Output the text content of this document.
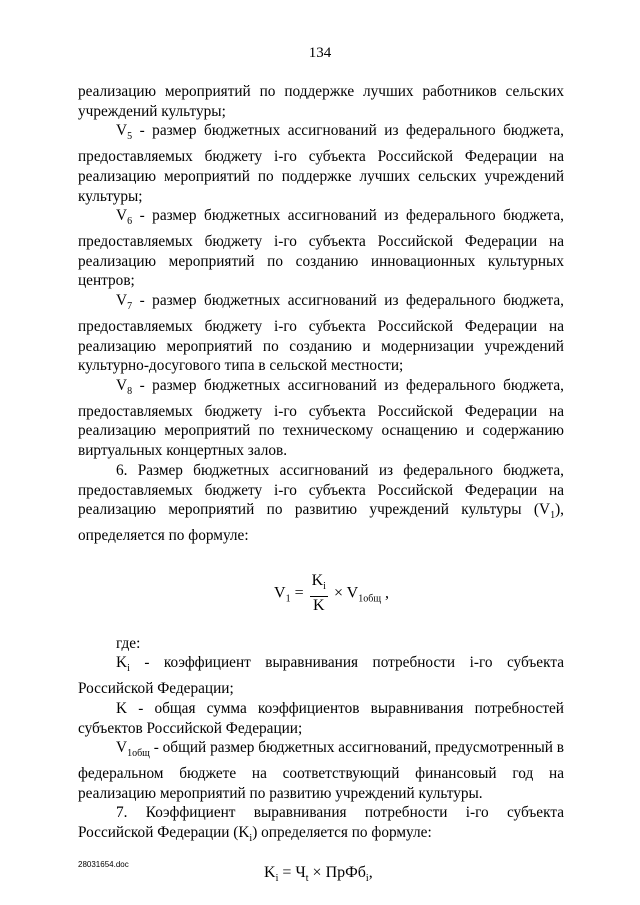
134

реализацию мероприятий по поддержке лучших работников сельских учреждений культуры;

$V_5$ - размер бюджетных ассигнований из федерального бюджета, предоставляемых бюджету i-го субъекта Российской Федерации на реализацию мероприятий по поддержке лучших сельских учреждений культуры;

$V_6$ - размер бюджетных ассигнований из федерального бюджета, предоставляемых бюджету i-го субъекта Российской Федерации на реализацию мероприятий по созданию инновационных культурных центров;

$V_7$ - размер бюджетных ассигнований из федерального бюджета, предоставляемых бюджету i-го субъекта Российской Федерации на реализацию мероприятий по созданию и модернизации учреждений культурно-досугового типа в сельской местности;

$V_8$ - размер бюджетных ассигнований из федерального бюджета, предоставляемых бюджету i-го субъекта Российской Федерации на реализацию мероприятий по техническому оснащению и содержанию виртуальных концертных залов.

6. Размер бюджетных ассигнований из федерального бюджета, предоставляемых бюджету i-го субъекта Российской Федерации на реализацию мероприятий по развитию учреждений культуры $(V_1)$, определяется по формуле:

$V_1 = \frac{K_i}{K} \times V_{1общ}$ ,

где:

$K_i$ - коэффициент выравнивания потребности i-го субъекта Российской Федерации;

K - общая сумма коэффициентов выравнивания потребностей субъектов Российской Федерации;

$V_{1общ}$ - общий размер бюджетных ассигнований, предусмотренный в федеральном бюджете на соответствующий финансовый год на реализацию мероприятий по развитию учреждений культуры.

7. Коэффициент выравнивания потребности i-го субъекта Российской Федерации $(K_i)$ определяется по формуле:

$K_i = Ч_t$ × ПрФб$_i$,
28031654.doc
